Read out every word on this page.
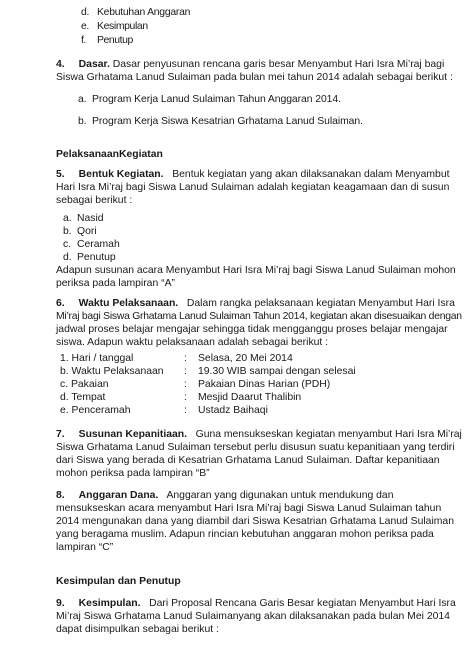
d. Kebutuhan Anggaran
e. Kesimpulan
f. Penutup
4. Dasar. Dasar penyusunan rencana garis besar Menyambut Hari Isra Mi’raj bagi
Siswa Grhatama Lanud Sulaiman pada bulan mei tahun 2014 adalah sebagai berikut :
a. Program Kerja Lanud Sulaiman Tahun Anggaran 2014.
b. Program Kerja Siswa Kesatrian Grhatama Lanud Sulaiman.
PelaksanaanKegiatan
5. Bentuk Kegiatan. Bentuk kegiatan yang akan dilaksanakan dalam Menyambut
Hari Isra Mi’raj bagi Siswa Lanud Sulaiman adalah kegiatan keagamaan dan di susun
sebagai berikut :
a. Nasid
b. Qori
c. Ceramah
d. Penutup
Adapun susunan acara Menyambut Hari Isra Mi’raj bagi Siswa Lanud Sulaiman mohon
periksa pada lampiran “A”
6. Waktu Pelaksanaan. Dalam rangka pelaksanaan kegiatan Menyambut Hari Isra
Mi’raj bagi Siswa Grhatama Lanud Sulaiman Tahun 2014, kegiatan akan disesuaikan dengan
jadwal proses belajar mengajar sehingga tidak mengganggu proses belajar mengajar
siswa. Adapun waktu pelaksanaan adalah sebagai berikut :
1. Hari / tanggal	: Selasa, 20 Mei 2014
b. Waktu Pelaksanaan : 19.30 WIB sampai dengan selesai
c. Pakaian	: Pakaian Dinas Harian (PDH)
d. Tempat	: Mesjid Daarut Thalibin
e. Penceramah	: Ustadz Baihaqi
7. Susunan Kepanitiaan. Guna mensukseskan kegiatan menyambut Hari Isra Mi’raj
Siswa Grhatama Lanud Sulaiman tersebut perlu disusun suatu kepanitiaan yang terdiri
dari Siswa yang berada di Kesatrian Grhatama Lanud Sulaiman. Daftar kepanitiaan
mohon periksa pada lampiran “B”
8. Anggaran Dana. Anggaran yang digunakan untuk mendukung dan
mensukseskan acara menyambut Hari Isra Mi’raj bagi Siswa Lanud Sulaiman tahun
2014 mengunakan dana yang diambil dari Siswa Kesatrian Grhatama Lanud Sulaiman
yang beragama muslim. Adapun rincian kebutuhan anggaran mohon periksa pada
lampiran “C”
Kesimpulan dan Penutup
9. Kesimpulan. Dari Proposal Rencana Garis Besar kegiatan Menyambut Hari Isra
Mi’raj Siswa Grhatama Lanud Sulaimanyang akan dilaksanakan pada bulan Mei 2014
dapat disimpulkan sebagai berikut :
